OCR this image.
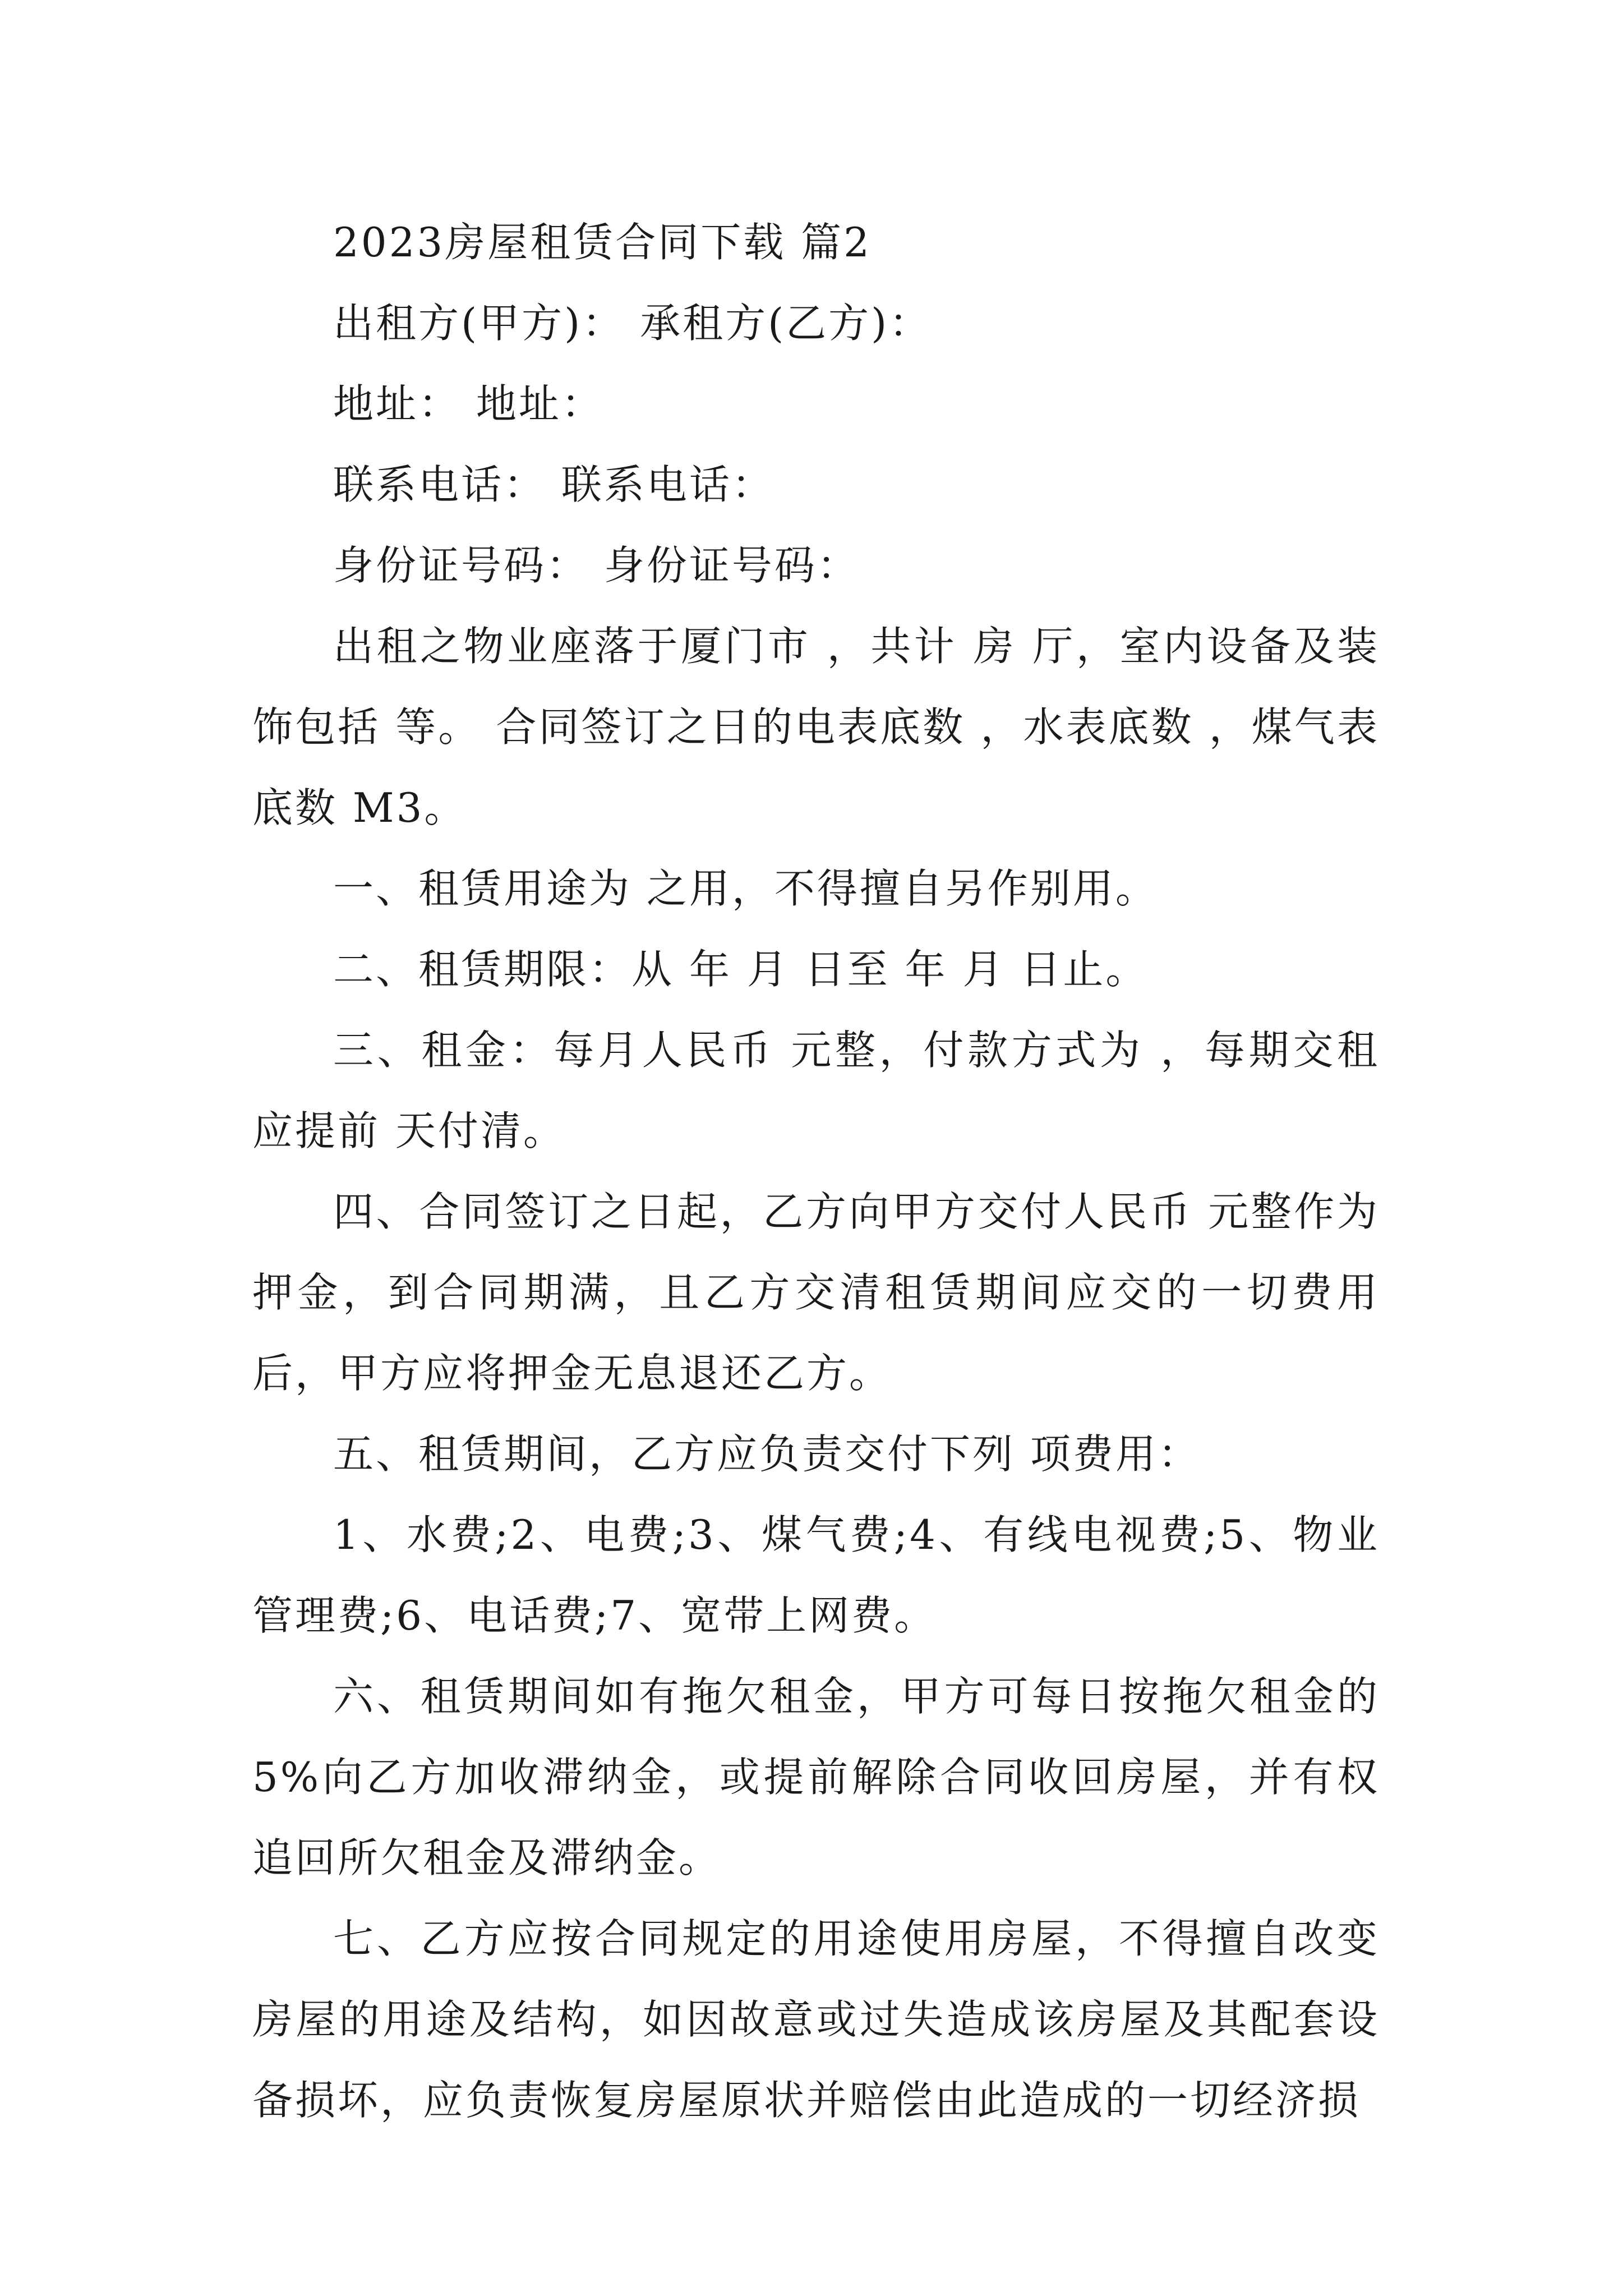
2023房屋租赁合同下载 篇2

出租方(甲方)： 承租方(乙方)：

地址： 地址：

联系电话： 联系电话：

身份证号码： 身份证号码：

出租之物业座落于厦门市 ，共计 房 厅，室内设备及装饰包括 等。 合同签订之日的电表底数 ，水表底数 ，煤气表底数 M3。

一、租赁用途为 之用，不得擅自另作别用。

二、租赁期限：从 年 月 日至 年 月 日止。

三、租金：每月人民币 元整，付款方式为 ，每期交租应提前 天付清。

四、合同签订之日起，乙方向甲方交付人民币 元整作为押金，到合同期满，且乙方交清租赁期间应交的一切费用后，甲方应将押金无息退还乙方。

五、租赁期间，乙方应负责交付下列 项费用：

1、水费;2、电费;3、煤气费;4、有线电视费;5、物业管理费;6、电话费;7、宽带上网费。

六、租赁期间如有拖欠租金，甲方可每日按拖欠租金的5%向乙方加收滞纳金，或提前解除合同收回房屋，并有权追回所欠租金及滞纳金。

七、乙方应按合同规定的用途使用房屋，不得擅自改变房屋的用途及结构，如因故意或过失造成该房屋及其配套设备损坏，应负责恢复房屋原状并赔偿由此造成的一切经济损
